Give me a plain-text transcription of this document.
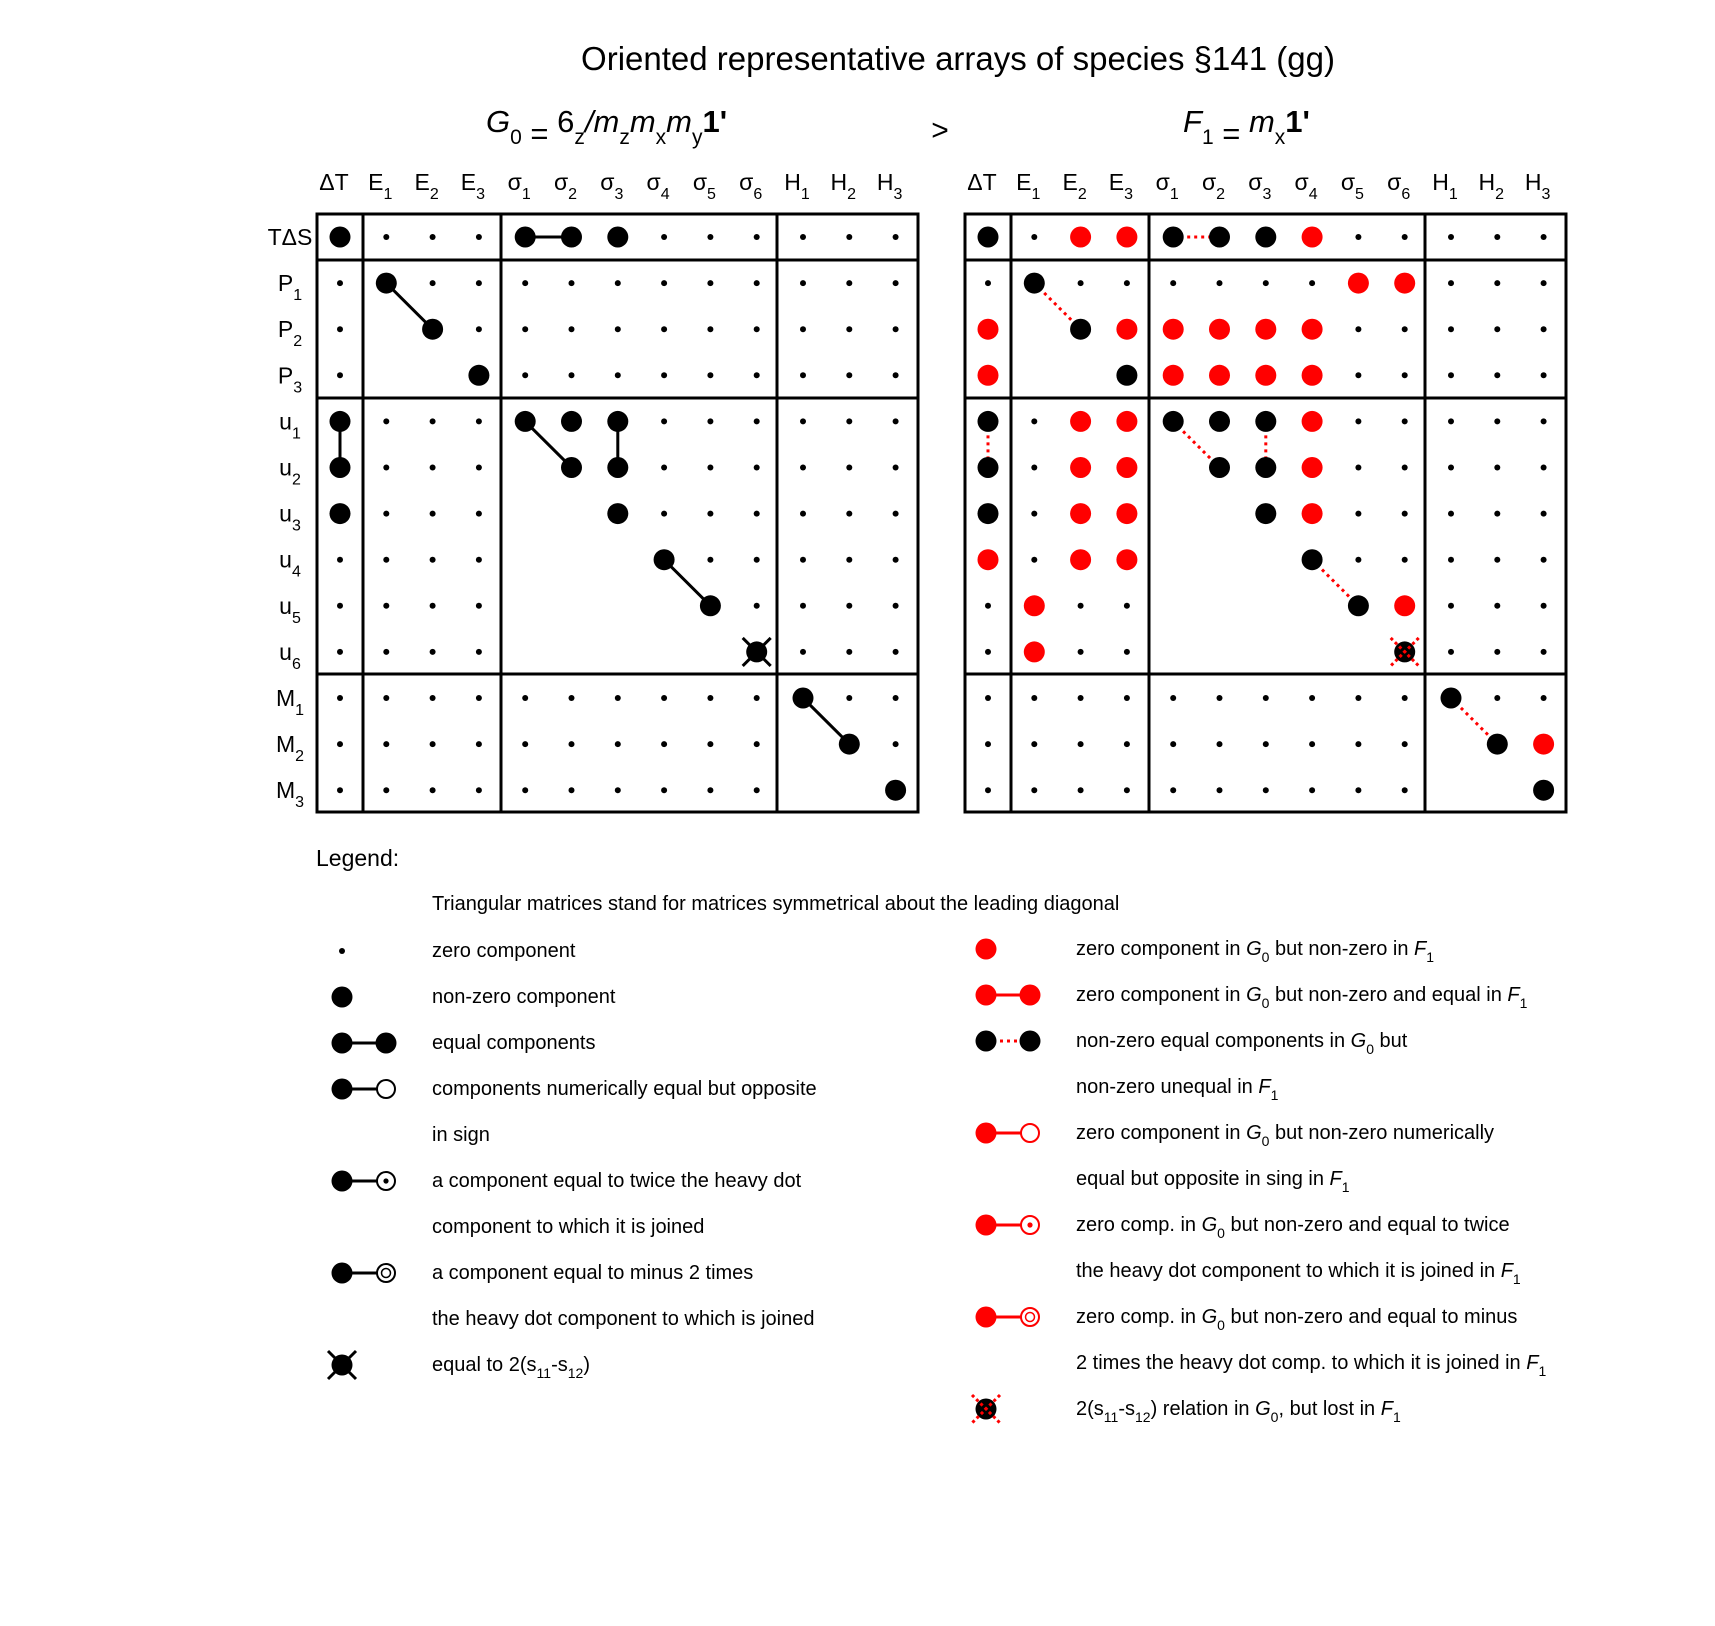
Oriented representative arrays of species §141 (gg)
>
$G_0 = 6_z/m_zm_xm_y1'$	$F_1 = m_x1'$
TΔS
$P_1$
$P_2$
$P_3$
$u_1$
$u_2$
$u_3$
$u_4$
$u_5$
$u_6$
$M_1$
$M_2$
$M_3$
ΔT $E_1$ $E_2$ $E_3$ $\sigma_1$ $\sigma_2$ $\sigma_3$ $\sigma_4$ $\sigma_5$ $\sigma_6$ $H_1$ $H_2$ $H_3$	ΔT $E_1$ $E_2$ $E_3$ $\sigma_1$ $\sigma_2$ $\sigma_3$ $\sigma_4$ $\sigma_5$ $\sigma_6$ $H_1$ $H_2$ $H_3$
Legend:
Triangular matrices stand for matrices symmetrical about the leading diagonal
zero component
non-zero component
equal components
components numerically equal but opposite
in sign
a component equal to twice the heavy dot
component to which it is joined
a component equal to minus 2 times
the heavy dot component to which is joined
equal to $2(s_{11}-s_{12})$
zero component in $G_0$ but non-zero in $F_1$
zero component in $G_0$ but non-zero and equal in $F_1$
non-zero equal components in $G_0$ but
non-zero unequal in $F_1$
zero component in $G_0$ but non-zero numerically
equal but opposite in sing in $F_1$
zero comp. in $G_0$ but non-zero and equal to twice
the heavy dot component to which it is joined in $F_1$
zero comp. in $G_0$ but non-zero and equal to minus
2 times the heavy dot comp. to which it is joined in $F_1$
$2(s_{11}-s_{12})$ relation in $G_0$, but lost in $F_1$
